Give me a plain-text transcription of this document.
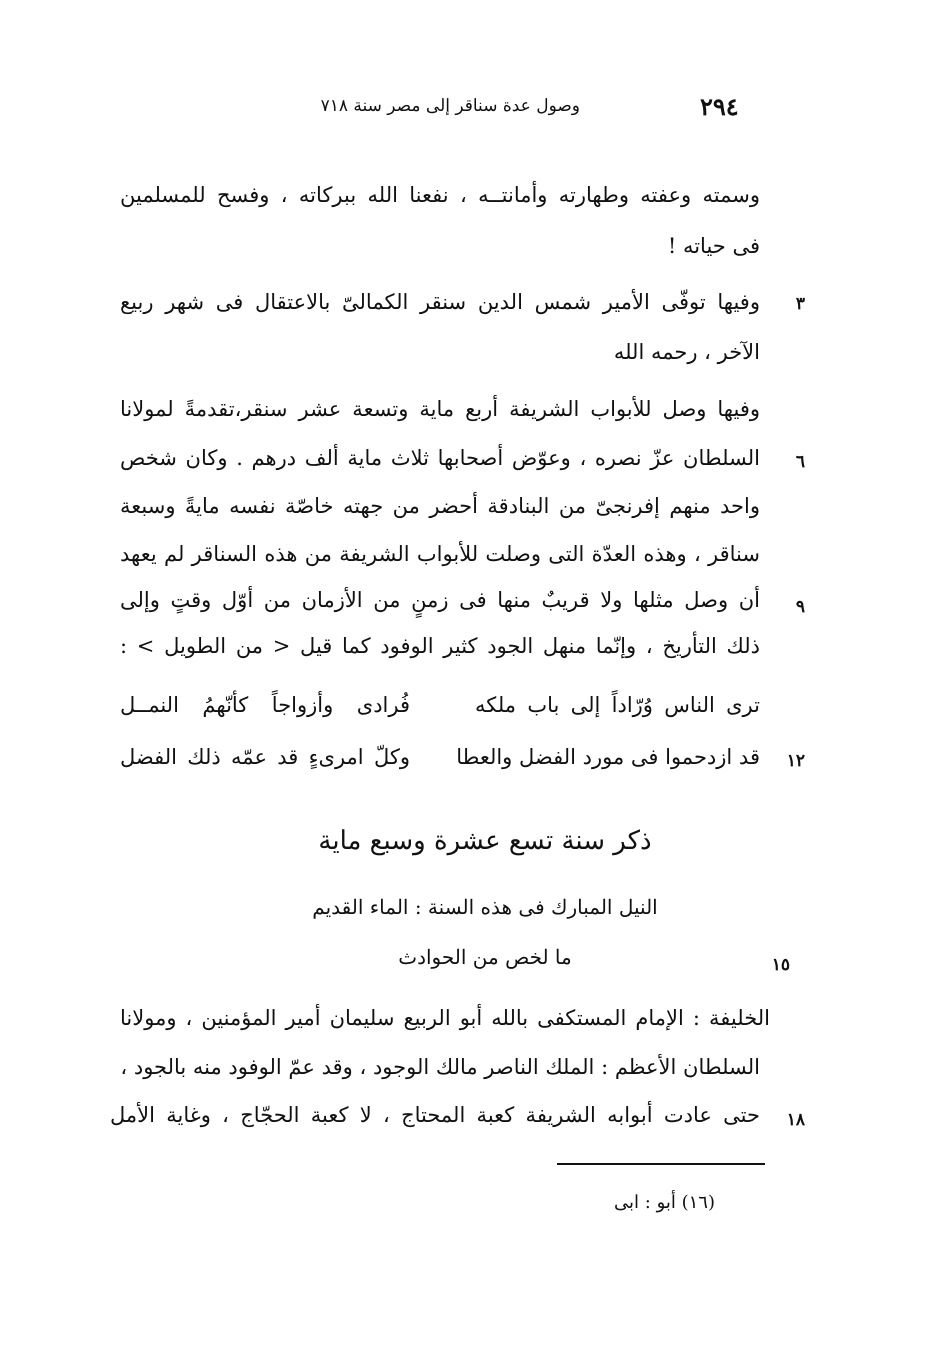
٢٩٤
وصول عدة سناقر إلى مصر سنة ٧١٨
وسمته وعفته وطهارته وأمانتــه ، نفعنا الله ببركاته ، وفسح للمسلمين
فى حياته !
٣
وفيها توفّى الأمير شمس الدين سنقر الكمالىّ بالاعتقال فى شهر ربيع
الآخر ، رحمه الله
وفيها وصل للأبواب الشريفة أربع ماية وتسعة عشر سنقر،تقدمةً لمولانا
٦
السلطان عزّ نصره ، وعوّض أصحابها ثلاث ماية ألف درهم . وكان شخص
واحد منهم إفرنجىّ من البنادقة أحضر من جهته خاصّة نفسه مايةً وسبعة
سناقر ، وهذه العدّة التى وصلت للأبواب الشريفة من هذه السناقر لم يعهد
٩
أن وصل مثلها ولا قريبٌ منها فى زمنٍ من الأزمان من أوّل وقتٍ وإلى
ذلك التأريخ ، وإنّما منهل الجود كثير الوفود كما قيل < من الطويل > :
ترى الناس وُرّاداً إلى باب ملكه
فُرادى وأزواجاً كأنّهمُ النمــل
١٢
قد ازدحموا فى مورد الفضل والعطا
وكلّ امرىءٍ قد عمّه ذلك الفضل
ذكر سنة تسع عشرة وسبع ماية
النيل المبارك فى هذه السنة : الماء القديم
١٥
ما لخص من الحوادث
الخليفة : الإمام المستكفى بالله أبو الربيع سليمان أمير المؤمنين ، ومولانا
السلطان الأعظم : الملك الناصر مالك الوجود ، وقد عمّ الوفود منه بالجود ،
١٨
حتى عادت أبوابه الشريفة كعبة المحتاج ، لا كعبة الحجّاج ، وغاية الأمل
(١٦) أبو : ابى
